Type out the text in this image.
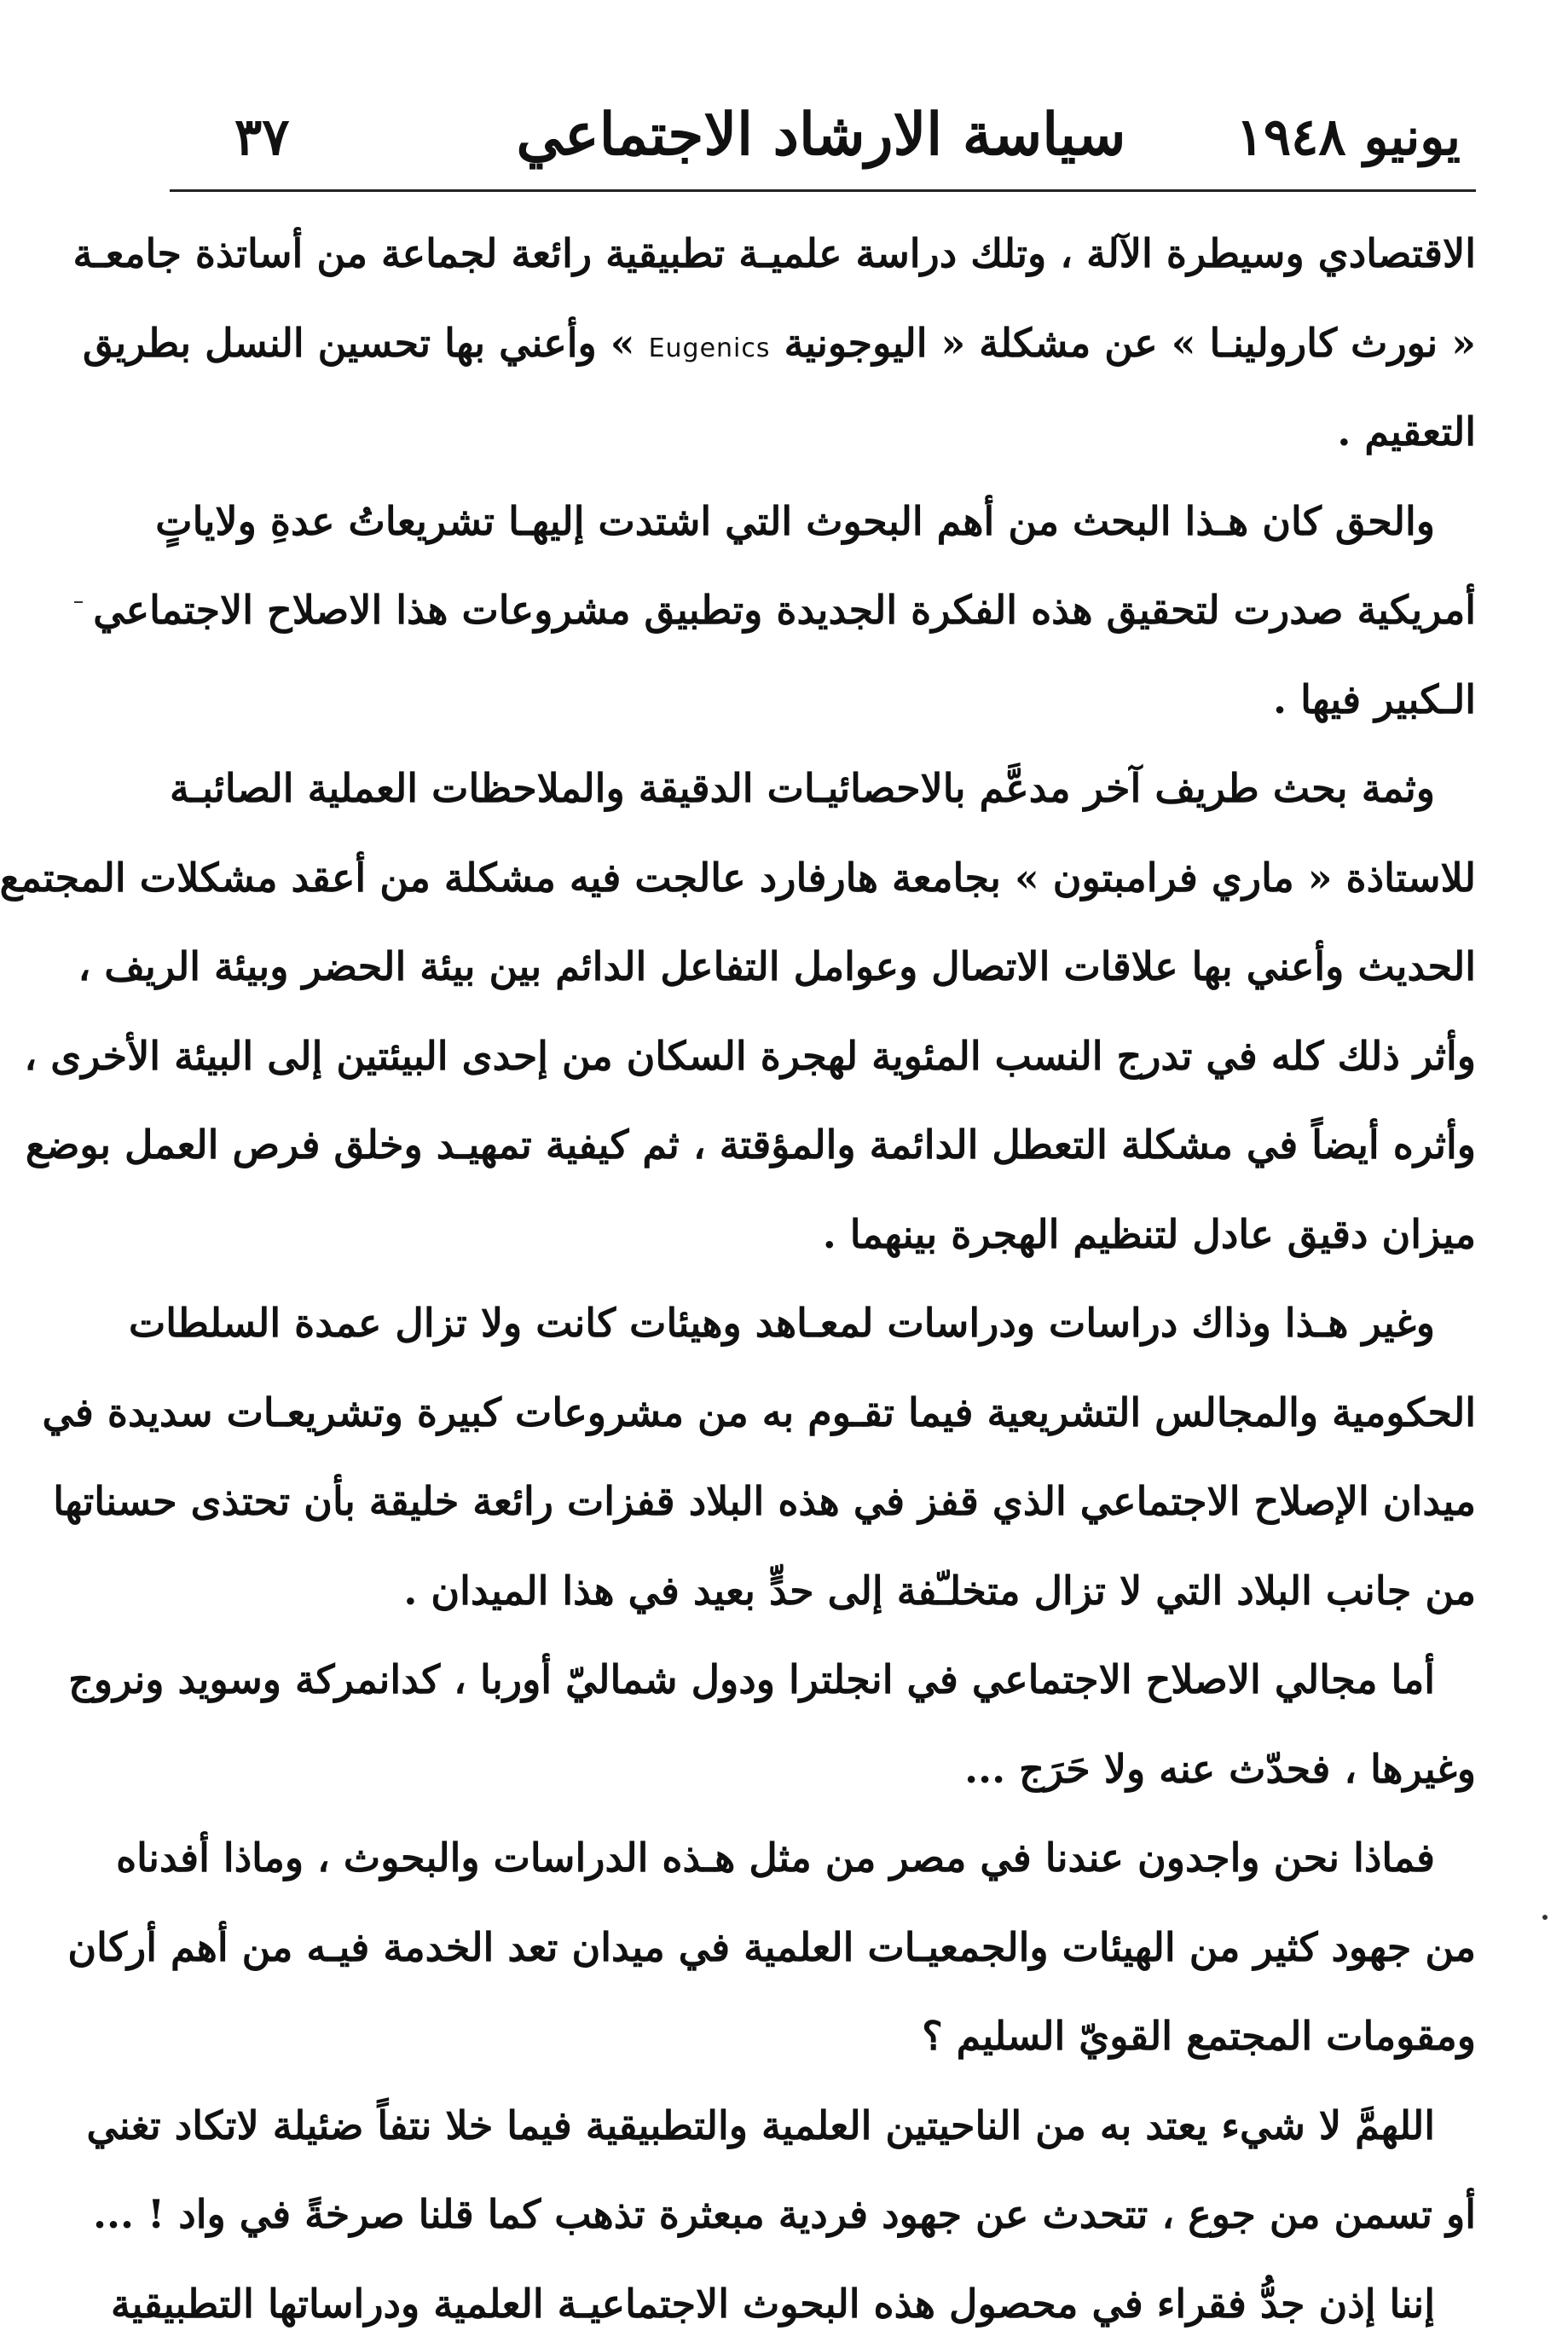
يونيو ١٩٤٨
سياسة الارشاد الاجتماعي
٣٧
الاقتصادي وسيطرة الآلة ، وتلك دراسة علميـة تطبيقية رائعة لجماعة من أساتذة جامعـة
« نورث كارولينـا » عن مشكلة « اليوجونية Eugenics » وأعني بها تحسين النسل بطريق
التعقيم .
والحق كان هـذا البحث من أهم البحوث التي اشتدت إليهـا تشريعاتُ عدةِ ولاياتٍ
أمريكية صدرت لتحقيق هذه الفكرة الجديدة وتطبيق مشروعات هذا الاصلاح الاجتماعي
الـكبير فيها .
وثمة بحث طريف آخر مدعَّم بالاحصائيـات الدقيقة والملاحظات العملية الصائبـة
للاستاذة « ماري فرامبتون » بجامعة هارفارد عالجت فيه مشكلة من أعقد مشكلات المجتمع
الحديث وأعني بها علاقات الاتصال وعوامل التفاعل الدائم بين بيئة الحضر وبيئة الريف ،
وأثر ذلك كله في تدرج النسب المئوية لهجرة السكان من إحدى البيئتين إلى البيئة الأخرى ،
وأثره أيضاً في مشكلة التعطل الدائمة والمؤقتة ، ثم كيفية تمهيـد وخلق فرص العمل بوضع
ميزان دقيق عادل لتنظيم الهجرة بينهما .
وغير هـذا وذاك دراسات ودراسات لمعـاهد وهيئات كانت ولا تزال عمدة السلطات
الحكومية والمجالس التشريعية فيما تقـوم به من مشروعات كبيرة وتشريعـات سديدة في
ميدان الإصلاح الاجتماعي الذي قفز في هذه البلاد قفزات رائعة خليقة بأن تحتذى حسناتها
من جانب البلاد التي لا تزال متخلـّفة إلى حدٍّ بعيد في هذا الميدان .
أما مجالي الاصلاح الاجتماعي في انجلترا ودول شماليّ أوربا ، كدانمركة وسويد ونروج
وغيرها ، فحدّث عنه ولا حَرَج ...
فماذا نحن واجدون عندنا في مصر من مثل هـذه الدراسات والبحوث ، وماذا أفدناه
من جهود كثير من الهيئات والجمعيـات العلمية في ميدان تعد الخدمة فيـه من أهم أركان
ومقومات المجتمع القويّ السليم ؟
اللهمَّ لا شيء يعتد به من الناحيتين العلمية والتطبيقية فيما خلا نتفاً ضئيلة لاتكاد تغني
أو تسمن من جوع ، تتحدث عن جهود فردية مبعثرة تذهب كما قلنا صرخةً في واد ! ...
إننا إذن جدُّ فقراء في محصول هذه البحوث الاجتماعيـة العلمية ودراساتها التطبيقية
